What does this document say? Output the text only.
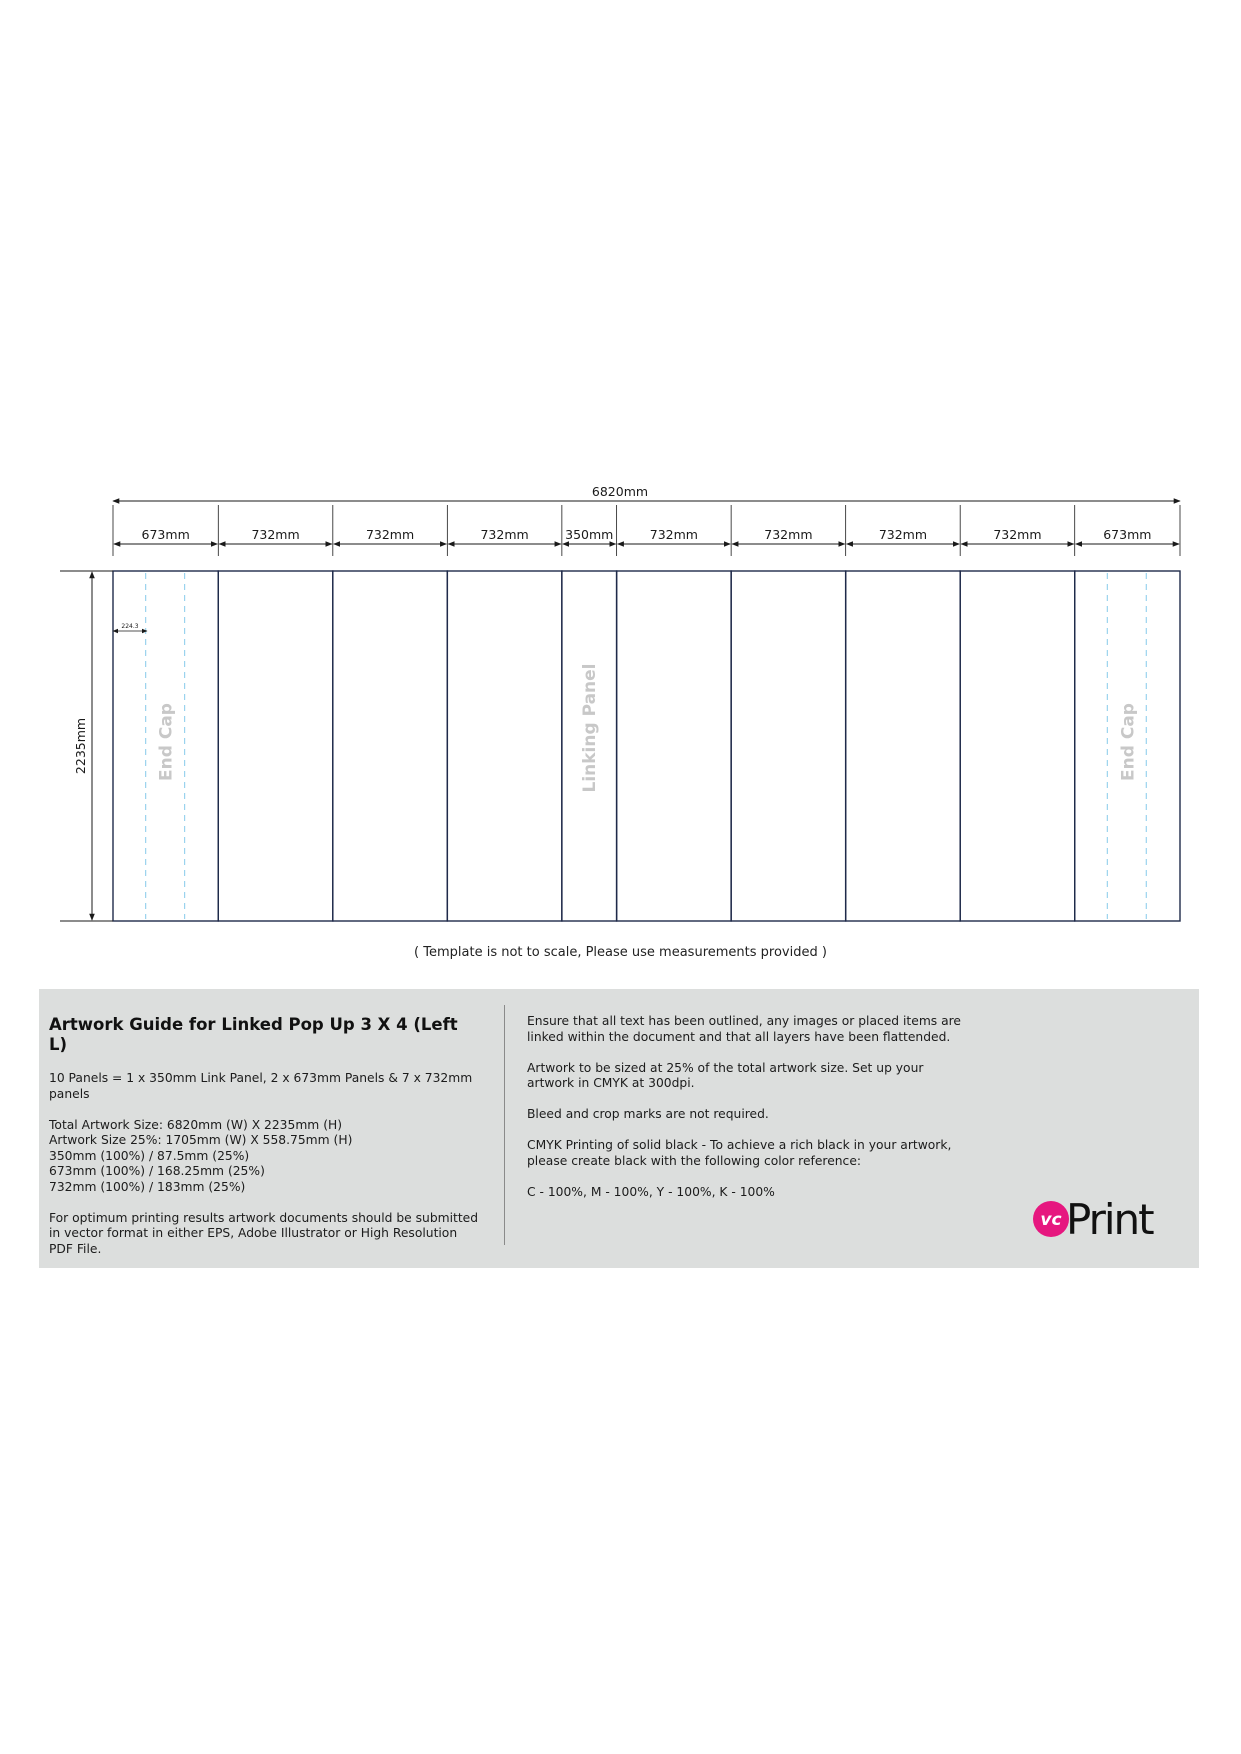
6820mm
673mm	732mm	732mm	732mm	350mm	732mm	732mm	732mm	732mm	673mm
End Cap	Linking Panel	End Cap
2235mm
224.3
( Template is not to scale, Please use measurements provided )
Artwork Guide for Linked Pop Up 3 X 4 (Left L)

10 Panels = 1 x 350mm Link Panel, 2 x 673mm Panels & 7 x 732mm panels

Total Artwork Size: 6820mm (W) X 2235mm (H)
Artwork Size 25%: 1705mm (W) X 558.75mm (H)
350mm (100%) / 87.5mm (25%)
673mm (100%) / 168.25mm (25%)
732mm (100%) / 183mm (25%)

For optimum printing results artwork documents should be submitted in vector format in either EPS, Adobe Illustrator or High Resolution PDF File.

Ensure that all text has been outlined, any images or placed items are linked within the document and that all layers have been flattended.

Artwork to be sized at 25% of the total artwork size. Set up your artwork in CMYK at 300dpi.

Bleed and crop marks are not required.

CMYK Printing of solid black - To achieve a rich black in your artwork, please create black with the following color reference:

C - 100%, M - 100%, Y - 100%, K - 100%

vc Print
